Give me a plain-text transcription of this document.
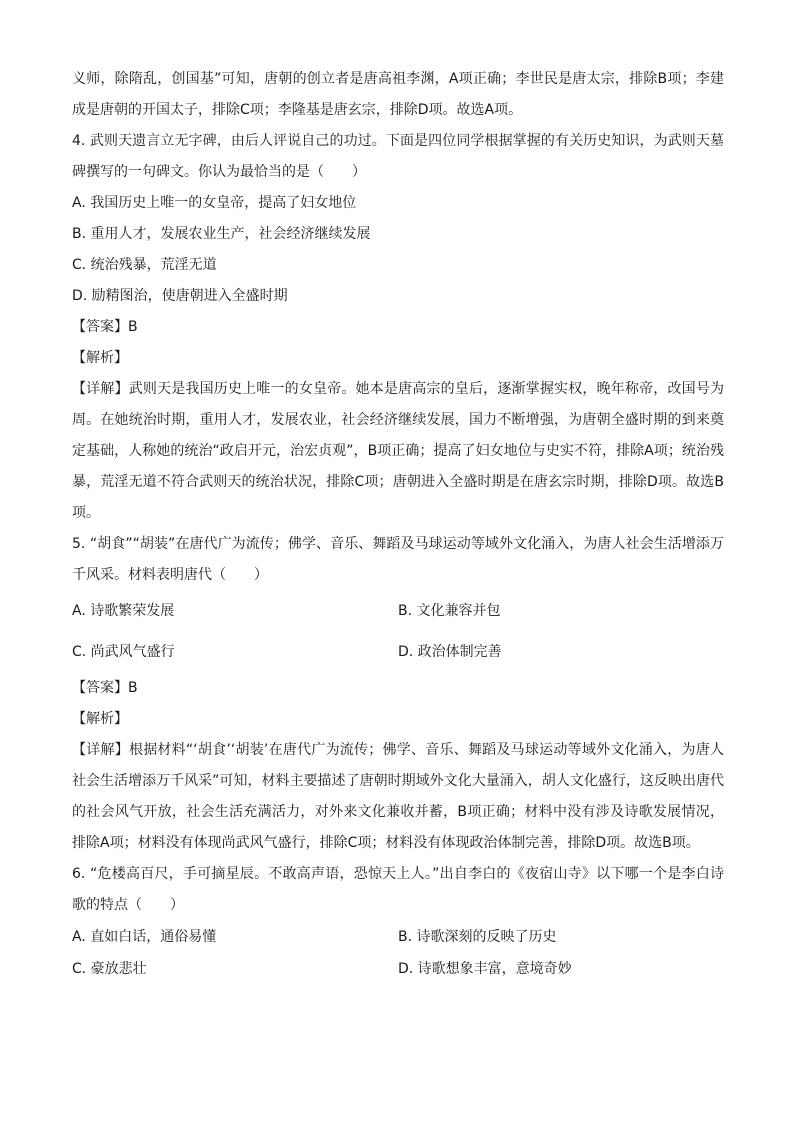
义师，除隋乱，创国基”可知，唐朝的创立者是唐高祖李渊，A项正确；李世民是唐太宗，排除B项；李建成是唐朝的开国太子，排除C项；李隆基是唐玄宗，排除D项。故选A项。

4. 武则天遗言立无字碑，由后人评说自己的功过。下面是四位同学根据掌握的有关历史知识，为武则天墓碑撰写的一句碑文。你认为最恰当的是（　　）

A. 我国历史上唯一的女皇帝，提高了妇女地位

B. 重用人才，发展农业生产，社会经济继续发展

C. 统治残暴，荒淫无道

D. 励精图治，使唐朝进入全盛时期

【答案】B

【解析】

【详解】武则天是我国历史上唯一的女皇帝。她本是唐高宗的皇后，逐渐掌握实权，晚年称帝，改国号为周。在她统治时期，重用人才，发展农业，社会经济继续发展，国力不断增强，为唐朝全盛时期的到来奠定基础，人称她的统治“政启开元，治宏贞观”，B项正确；提高了妇女地位与史实不符，排除A项；统治残暴，荒淫无道不符合武则天的统治状况，排除C项；唐朝进入全盛时期是在唐玄宗时期，排除D项。故选B项。

5. “胡食”“胡装”在唐代广为流传；佛学、音乐、舞蹈及马球运动等域外文化涌入，为唐人社会生活增添万千风采。材料表明唐代（　　）

A. 诗歌繁荣发展	B. 文化兼容并包
C. 尚武风气盛行	D. 政治体制完善

【答案】B

【解析】

【详解】根据材料“‘胡食’‘胡装’在唐代广为流传；佛学、音乐、舞蹈及马球运动等域外文化涌入，为唐人社会生活增添万千风采”可知，材料主要描述了唐朝时期域外文化大量涌入，胡人文化盛行，这反映出唐代的社会风气开放，社会生活充满活力，对外来文化兼收并蓄，B项正确；材料中没有涉及诗歌发展情况，排除A项；材料没有体现尚武风气盛行，排除C项；材料没有体现政治体制完善，排除D项。故选B项。

6. “危楼高百尺，手可摘星辰。不敢高声语，恐惊天上人。”出自李白的《夜宿山寺》以下哪一个是李白诗歌的特点（　　）

A. 直如白话，通俗易懂	B. 诗歌深刻的反映了历史
C. 豪放悲壮	D. 诗歌想象丰富，意境奇妙
